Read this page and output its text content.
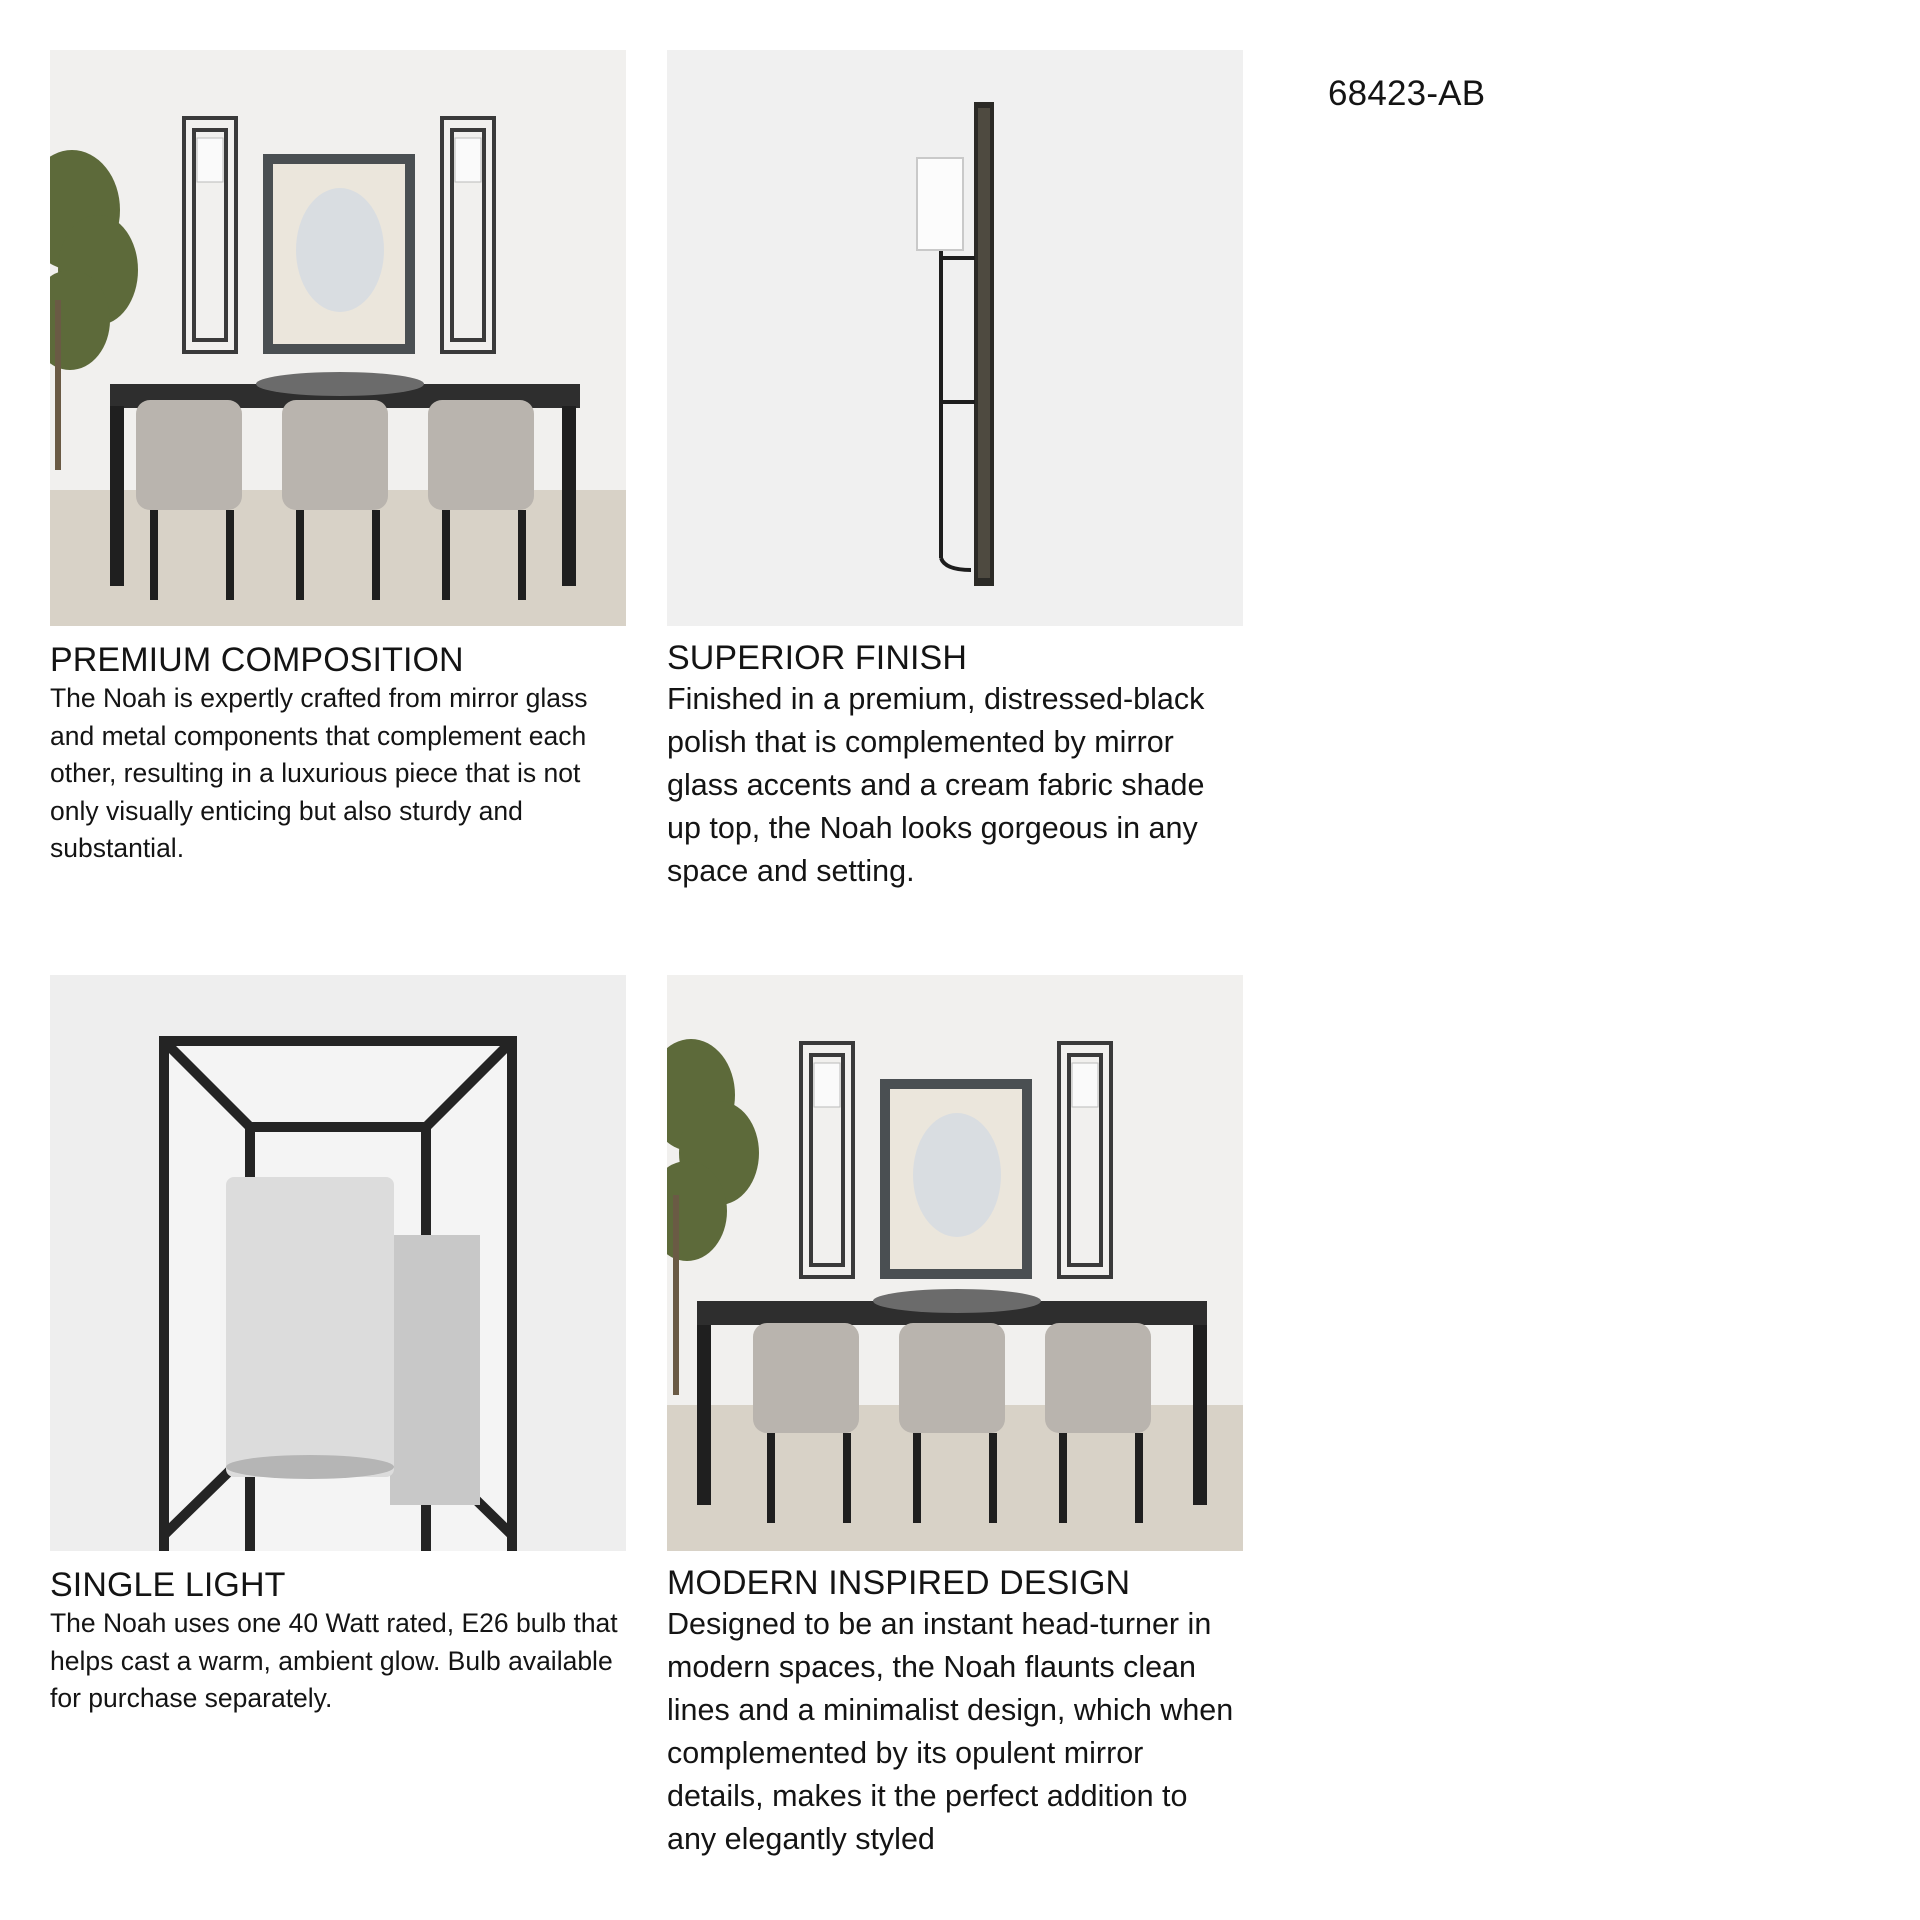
68423-AB
PREMIUM COMPOSITION

The Noah is expertly crafted from mirror glass and metal components that complement each other, resulting in a luxurious piece that is not only visually enticing but also sturdy and substantial.

SUPERIOR FINISH

Finished in a premium, distressed-black polish that is complemented by mirror glass accents and a cream fabric shade up top, the Noah looks gorgeous in any space and setting.

SINGLE LIGHT

The Noah uses one 40 Watt rated, E26 bulb that helps cast a warm, ambient glow. Bulb available for purchase separately.

MODERN INSPIRED DESIGN

Designed to be an instant head-turner in modern spaces, the Noah flaunts clean lines and a minimalist design, which when complemented by its opulent mirror details, makes it the perfect addition to any elegantly styled
